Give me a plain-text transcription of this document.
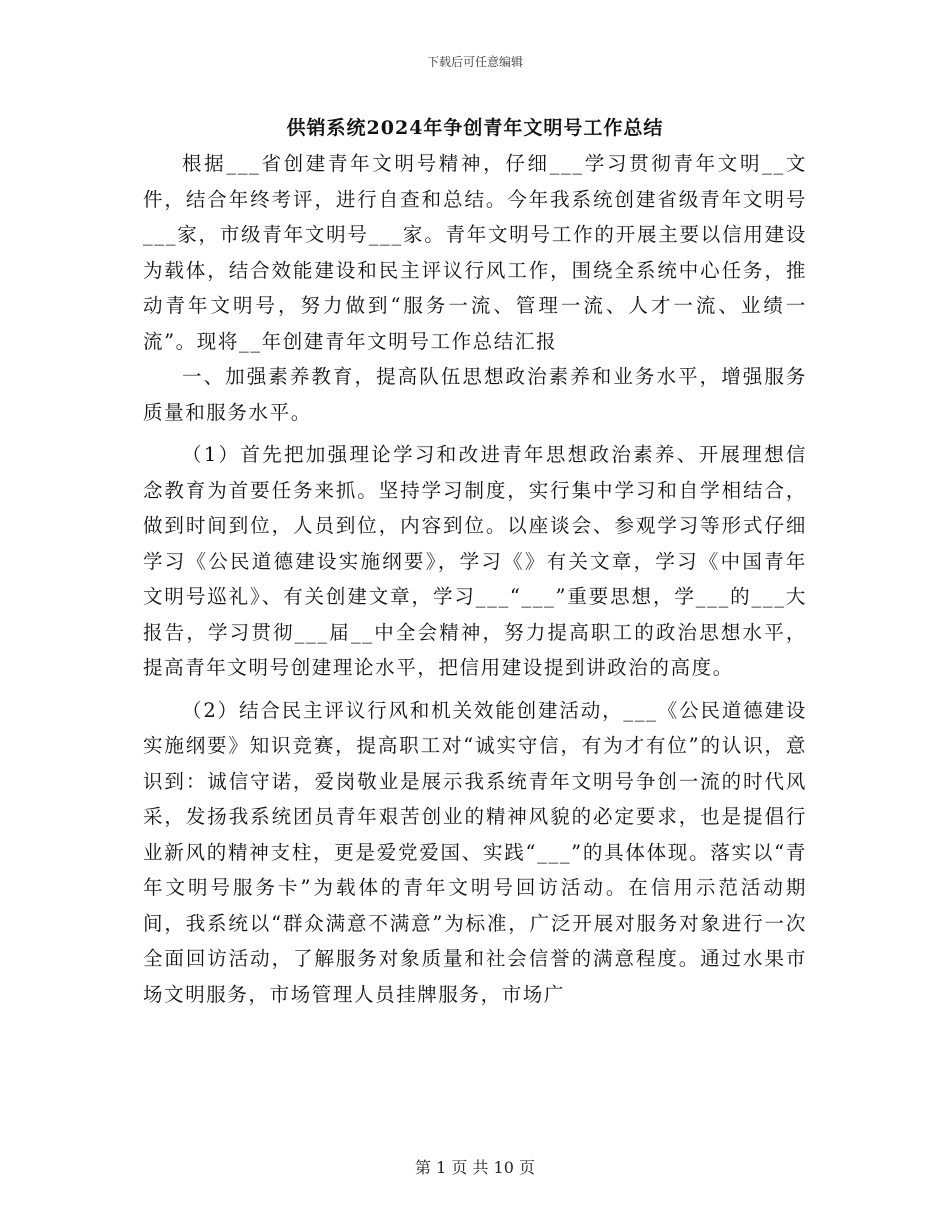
下载后可任意编辑

供销系统2024年争创青年文明号工作总结

根据___省创建青年文明号精神，仔细___学习贯彻青年文明__文件，结合年终考评，进行自查和总结。今年我系统创建省级青年文明号___家，市级青年文明号___家。青年文明号工作的开展主要以信用建设为载体，结合效能建设和民主评议行风工作，围绕全系统中心任务，推动青年文明号，努力做到“服务一流、管理一流、人才一流、业绩一流”。现将__年创建青年文明号工作总结汇报

一、加强素养教育，提高队伍思想政治素养和业务水平，增强服务质量和服务水平。

（1）首先把加强理论学习和改进青年思想政治素养、开展理想信念教育为首要任务来抓。坚持学习制度，实行集中学习和自学相结合，做到时间到位，人员到位，内容到位。以座谈会、参观学习等形式仔细学习《公民道德建设实施纲要》，学习《》有关文章，学习《中国青年文明号巡礼》、有关创建文章，学习___“___”重要思想，学___的___大报告，学习贯彻___届__中全会精神，努力提高职工的政治思想水平，提高青年文明号创建理论水平，把信用建设提到讲政治的高度。

（2）结合民主评议行风和机关效能创建活动，___《公民道德建设实施纲要》知识竞赛，提高职工对“诚实守信，有为才有位”的认识，意识到：诚信守诺，爱岗敬业是展示我系统青年文明号争创一流的时代风采，发扬我系统团员青年艰苦创业的精神风貌的必定要求，也是提倡行业新风的精神支柱，更是爱党爱国、实践“___”的具体体现。落实以“青年文明号服务卡”为载体的青年文明号回访活动。在信用示范活动期间，我系统以“群众满意不满意”为标准，广泛开展对服务对象进行一次全面回访活动，了解服务对象质量和社会信誉的满意程度。通过水果市场文明服务，市场管理人员挂牌服务，市场广

第 1 页 共 10 页
